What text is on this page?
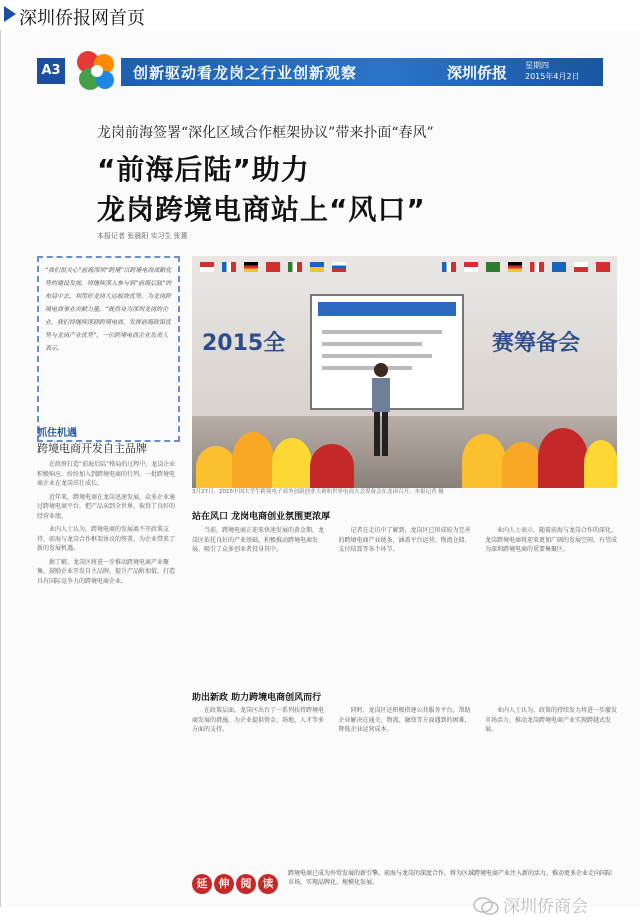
深圳侨报网首页
A3	创新驱动看龙岗之行业创新观察	深圳侨报 星期四
2015年4月2日
龙岗前海签署“深化区域合作框架协议”带来扑面“春风”
“前海后陆”助力
龙岗跨境电商站上“风口”
本报记者 张晨阳 实习生 张惠

“我们很关心”前海深圳“跨境”以跨境电商战略优势的建设发展，将继续深入参与到“前海后陆”的布局中去，利用好龙岗大运板块优势，为龙岗跨境电商事业贡献力量。“既然身为深圳龙岗的企业，我们将继续深耕跨境电商，发挥前海政策优势与龙岗产业优势”，一位跨境电商企业负责人表示。

抓住机遇
跨境电商开发自主品牌

在政府打造“前海后陆”格局的过程中，龙岗企业积极响应，纷纷加入到跨境电商的行列，一批跨境电商企业在龙岗茁壮成长。

近年来，跨境电商在龙岗迅速发展，众多企业通过跨境电商平台，把产品卖到全世界，取得了良好的经营业绩。

业内人士认为，跨境电商的发展离不开政策支持，前海与龙岗合作框架协议的签署，为企业带来了新的发展机遇。

据了解，龙岗区将进一步推动跨境电商产业聚集，鼓励企业开发自主品牌，提升产品附加值，打造具有国际竞争力的跨境电商企业。

2015全	赛筹备会
3月27日，2015中国大学生跨境电子商务创新创业大赛和世界电商大会筹备会在龙岗召开。本报记者 摄
站在风口 龙岗电商创业氛围更浓厚

当前，跨境电商正迎来快速发展的黄金期，龙岗区依托良好的产业基础，积极推动跨境电商发展，吸引了众多创业者投身其中。

记者在走访中了解到，龙岗区已形成较为完善的跨境电商产业链条，涵盖平台运营、物流仓储、支付结算等各个环节。

业内人士表示，随着前海与龙岗合作的深化，龙岗跨境电商将迎来更加广阔的发展空间，有望成为深圳跨境电商的重要集聚区。

助出新政 助力跨境电商创风而行

在政策层面，龙岗区出台了一系列扶持跨境电商发展的措施，为企业提供资金、场地、人才等多方面的支持。

同时，龙岗区还积极搭建公共服务平台，帮助企业解决在通关、物流、融资等方面遇到的困难，降低企业运营成本。

业内人士认为，政策的持续发力将进一步激发市场活力，推动龙岗跨境电商产业实现跨越式发展。

延	伸	阅	读
跨境电商已成为外贸发展的新引擎。前海与龙岗的深度合作，将为区域跨境电商产业注入新的活力，推动更多企业走向国际市场，实现品牌化、规模化发展。
深圳侨商会
